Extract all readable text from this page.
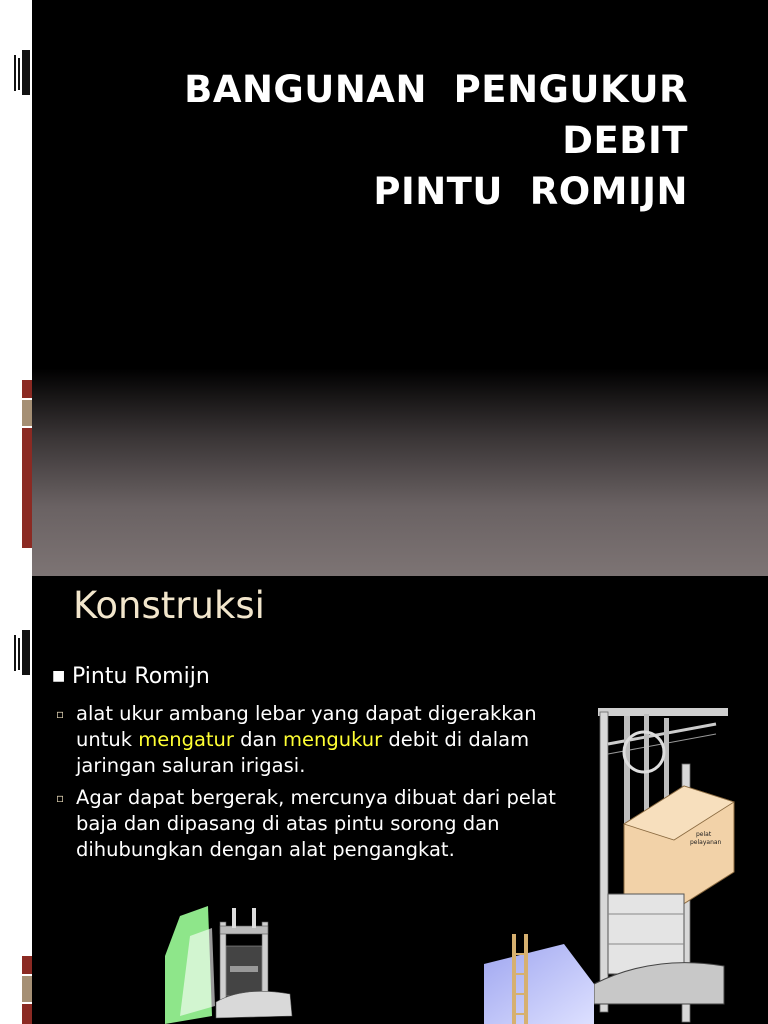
BANGUNAN  PENGUKUR
DEBIT
PINTU  ROMIJN
Konstruksi
■ Pintu Romijn
▫ alat ukur ambang lebar yang dapat digerakkan untuk mengatur dan mengukur debit di dalam jaringan saluran irigasi.
▫ Agar dapat bergerak, mercunya dibuat dari pelat baja dan dipasang di atas pintu sorong dan dihubungkan dengan alat pengangkat.
pelat
pelayanan
